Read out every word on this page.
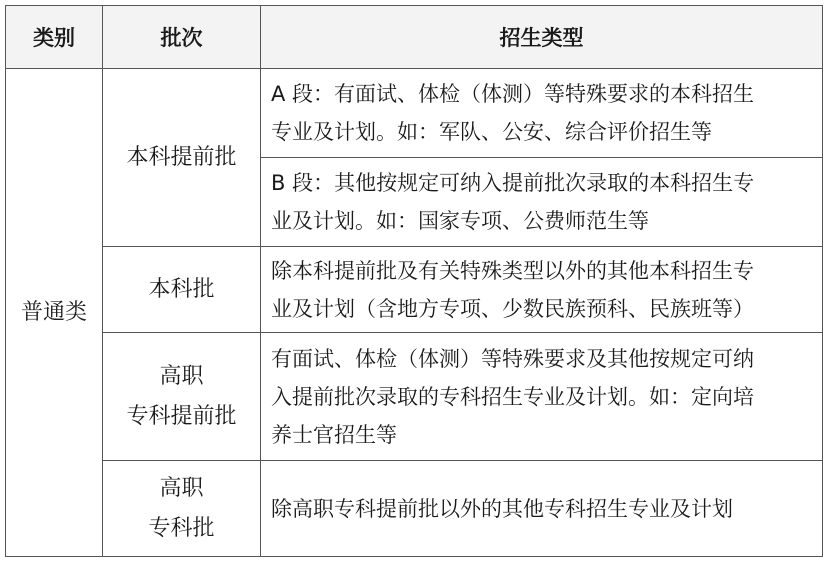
类别	批次	招生类型
普通类	本科提前批	A 段：有面试、体检（体测）等特殊要求的本科招生
专业及计划。如：军队、公安、综合评价招生等

		B 段：其他按规定可纳入提前批次录取的本科招生专
业及计划。如：国家专项、公费师范生等

	本科批	除本科提前批及有关特殊类型以外的其他本科招生专
业及计划（含地方专项、少数民族预科、民族班等）

	高职
专科提前批	有面试、体检（体测）等特殊要求及其他按规定可纳
入提前批次录取的专科招生专业及计划。如：定向培
养士官招生等

	高职
专科批	除高职专科提前批以外的其他专科招生专业及计划
